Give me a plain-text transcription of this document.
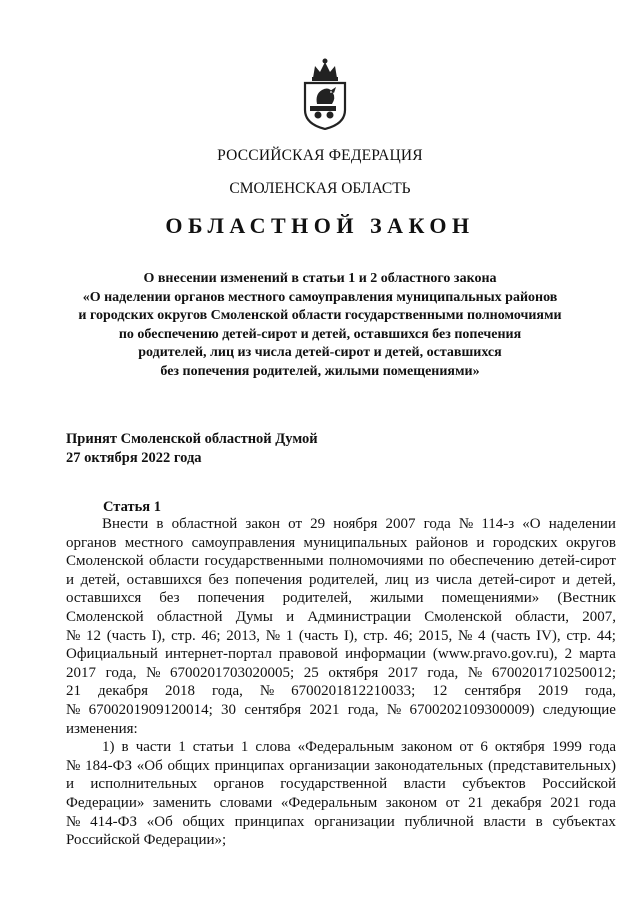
РОССИЙСКАЯ ФЕДЕРАЦИЯ
СМОЛЕНСКАЯ ОБЛАСТЬ
ОБЛАСТНОЙ ЗАКОН
О внесении изменений в статьи 1 и 2 областного закона
«О наделении органов местного самоуправления муниципальных районов
и городских округов Смоленской области государственными полномочиями
по обеспечению детей-сирот и детей, оставшихся без попечения
родителей, лиц из числа детей-сирот и детей, оставшихся
без попечения родителей, жилыми помещениями»
Принят Смоленской областной Думой
27 октября 2022 года
Статья 1
Внести в областной закон от 29 ноября 2007 года № 114-з «О наделении
органов местного самоуправления муниципальных районов и городских округов
Смоленской области государственными полномочиями по обеспечению детей-сирот
и детей, оставшихся без попечения родителей, лиц из числа детей-сирот и детей,
оставшихся без попечения родителей, жилыми помещениями» (Вестник
Смоленской областной Думы и Администрации Смоленской области, 2007,
№ 12 (часть I), стр. 46; 2013, № 1 (часть I), стр. 46; 2015, № 4 (часть IV), стр. 44;
Официальный интернет-портал правовой информации (www.pravo.gov.ru), 2 марта
2017 года, № 6700201703020005; 25 октября 2017 года, № 6700201710250012;
21 декабря 2018 года, № 6700201812210033; 12 сентября 2019 года,
№ 6700201909120014; 30 сентября 2021 года, № 6700202109300009) следующие
изменения:
1) в части 1 статьи 1 слова «Федеральным законом от 6 октября 1999 года
№ 184-ФЗ «Об общих принципах организации законодательных (представительных)
и исполнительных органов государственной власти субъектов Российской
Федерации» заменить словами «Федеральным законом от 21 декабря 2021 года
№ 414-ФЗ «Об общих принципах организации публичной власти в субъектах
Российской Федерации»;
